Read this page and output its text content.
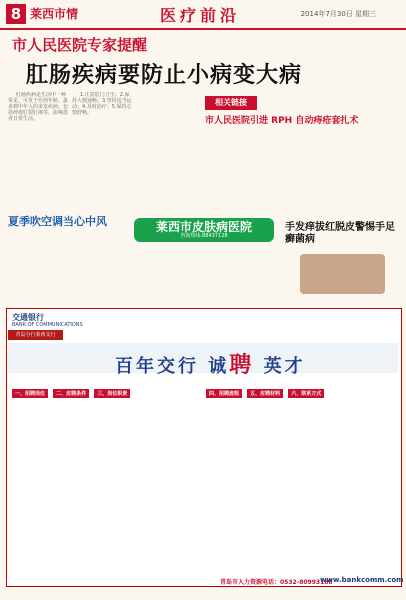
8 莱西市情	医疗前沿	2014年7月30日 星期三
市人民医院专家提醒
肛肠疾病要防止小病变大病

肛肠疾病是生活中一种常见、可发于任何年龄、最多到中年人的多发疾病。包括痔疮肛裂肛瘘等，影响患者日常生活。

1.注意肛门卫生；2.保持大便通畅；3.坚持适当运动；4.及时治疗；5.保持心情舒畅。

相关链接
市人民医院引进 RPH 自动痔疮套扎术
夏季吹空调当心中风	莱西市皮肤病医院
咨询热线:88437128
手发痒拔红脱皮警惕手足癣菌病
交通银行
BANK OF COMMUNICATIONS
青岛分行莱西支行
百年交行 诚聘 英才
一、招聘岗位 二、应聘条件 三、岗位职责	四、招聘流程 五、应聘材料 六、联系方式
青岛市人力资源电话：0532-80993188
www.bankcomm.com
